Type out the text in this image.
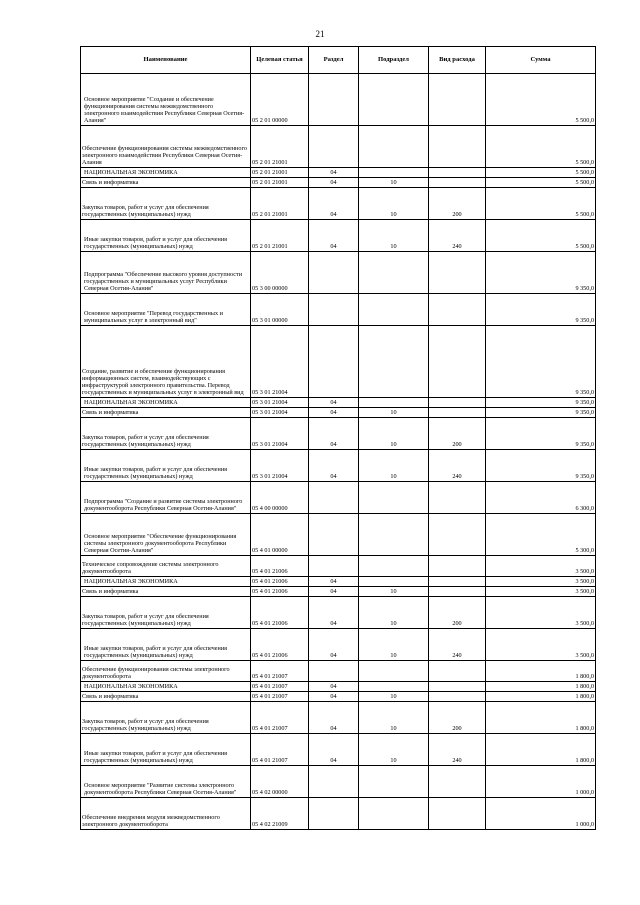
21
Наименование	Целевая статья	Раздел	Подраздел	Вид расхода	Сумма
Основное мероприятие "Создание и обеспечение функционирования системы межведомственного электронного взаимодействия Республики Северная Осетия-Алания"	05 2 01 00000				5 500,0
Обеспечение функционирования системы межведомственного электронного взаимодействия Республики Северная Осетия-Алания	05 2 01 21001				5 500,0
НАЦИОНАЛЬНАЯ ЭКОНОМИКА	05 2 01 21001	04			5 500,0
Связь и информатика	05 2 01 21001	04	10		5 500,0
Закупка товаров, работ и услуг для обеспечения государственных (муниципальных) нужд	05 2 01 21001	04	10	200	5 500,0
Иные закупки товаров, работ и услуг для обеспечения государственных (муниципальных) нужд	05 2 01 21001	04	10	240	5 500,0
Подпрограмма "Обеспечение высокого уровня доступности государственных и муниципальных услуг Республики Северная Осетия-Алания"	05 3 00 00000				9 350,0
Основное мероприятие "Перевод государственных и муниципальных услуг в электронный вид"	05 3 01 00000				9 350,0
Создание, развитие и обеспечение функционирования информационных систем, взаимодействующих с инфраструктурой электронного правительства. Перевод государственных и муниципальных услуг в электронный вид	05 3 01 21004				9 350,0
НАЦИОНАЛЬНАЯ ЭКОНОМИКА	05 3 01 21004	04			9 350,0
Связь и информатика	05 3 01 21004	04	10		9 350,0
Закупка товаров, работ и услуг для обеспечения государственных (муниципальных) нужд	05 3 01 21004	04	10	200	9 350,0
Иные закупки товаров, работ и услуг для обеспечения государственных (муниципальных) нужд	05 3 01 21004	04	10	240	9 350,0
Подпрограмма "Создание и развитие системы электронного документооборота Республики Северная Осетия-Алания"	05 4 00 00000				6 300,0
Основное мероприятие "Обеспечение функционирования системы электронного документооборота Республики Северная Осетия-Алания"	05 4 01 00000				5 300,0
Техническое сопровождение системы электронного документооборота	05 4 01 21006				3 500,0
НАЦИОНАЛЬНАЯ ЭКОНОМИКА	05 4 01 21006	04			3 500,0
Связь и информатика	05 4 01 21006	04	10		3 500,0
Закупка товаров, работ и услуг для обеспечения государственных (муниципальных) нужд	05 4 01 21006	04	10	200	3 500,0
Иные закупки товаров, работ и услуг для обеспечения государственных (муниципальных) нужд	05 4 01 21006	04	10	240	3 500,0
Обеспечение функционирования системы электронного документооборота	05 4 01 21007				1 800,0
НАЦИОНАЛЬНАЯ ЭКОНОМИКА	05 4 01 21007	04			1 800,0
Связь и информатика	05 4 01 21007	04	10		1 800,0
Закупка товаров, работ и услуг для обеспечения государственных (муниципальных) нужд	05 4 01 21007	04	10	200	1 800,0
Иные закупки товаров, работ и услуг для обеспечения государственных (муниципальных) нужд	05 4 01 21007	04	10	240	1 800,0
Основное мероприятие "Развитие системы электронного документооборота Республики Северная Осетия-Алания"	05 4 02 00000				1 000,0
Обеспечение внедрения модуля межведомственного электронного документооборота	05 4 02 21009				1 000,0
